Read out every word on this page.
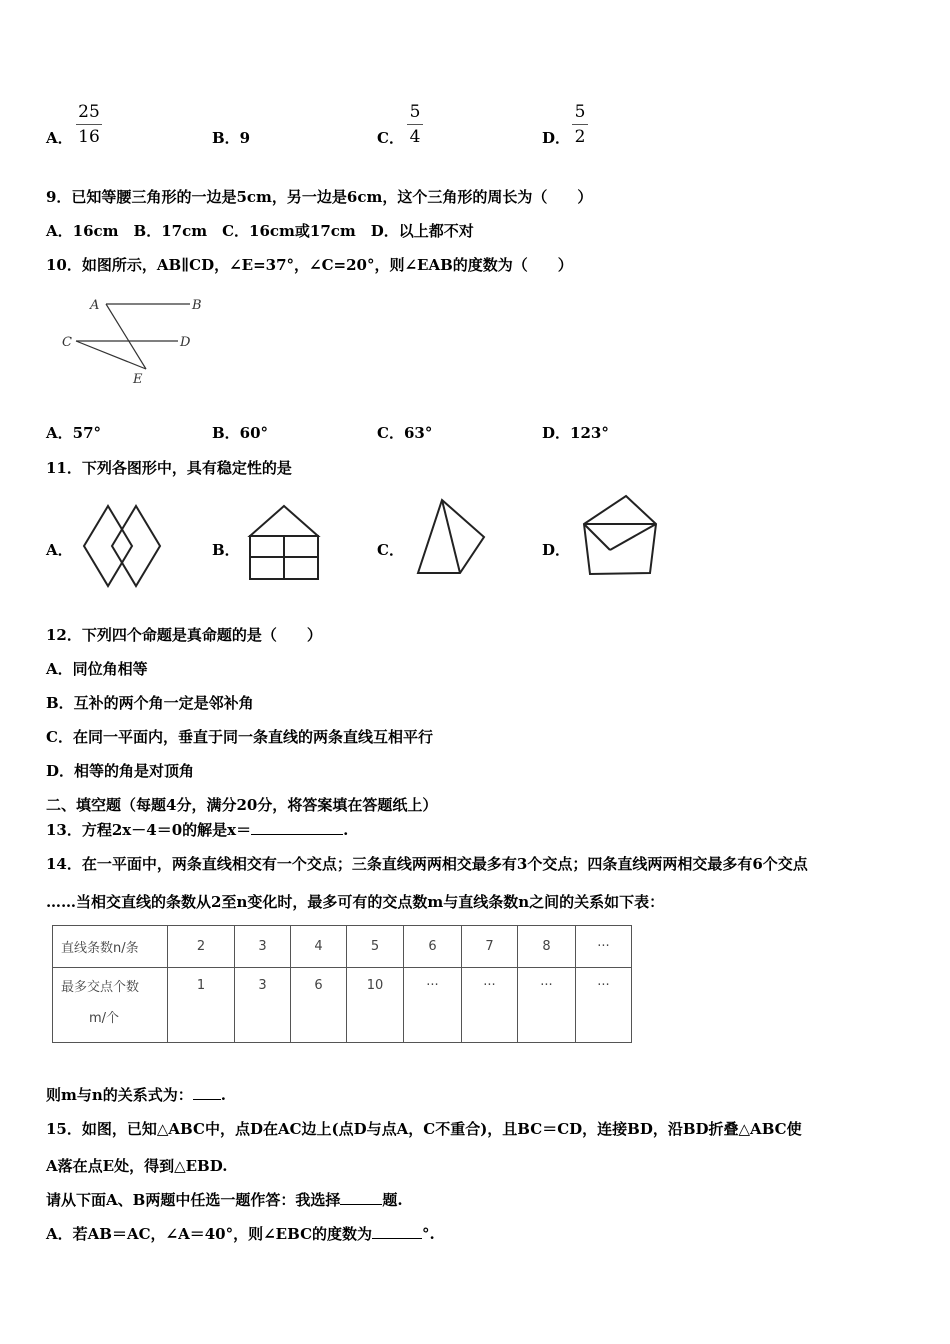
A．
25
16	B．9	C．
5
4	D．
5
2
9．已知等腰三角形的一边是5cm，另一边是6cm，这个三角形的周长为（　　）
A．16cm　B．17cm　C．16cm或17cm　D．以上都不对
10．如图所示，AB∥CD，∠E=37°，∠C=20°，则∠EAB的度数为（　　）
A	B
C	D
E
A．57°	B．60°	C．63°	D．123°
11．下列各图形中，具有稳定性的是
A．	B．	C．	D．
12．下列四个命题是真命题的是（　　）
A．同位角相等
B．互补的两个角一定是邻补角
C．在同一平面内，垂直于同一条直线的两条直线互相平行
D．相等的角是对顶角
二、填空题（每题4分，满分20分，将答案填在答题纸上）
13．方程2x－4＝0的解是x＝	.
14．在一平面中，两条直线相交有一个交点；三条直线两两相交最多有3个交点；四条直线两两相交最多有6个交点
……当相交直线的条数从2至n变化时，最多可有的交点数m与直线条数n之间的关系如下表：
直线条数n/条	2	3	4	5	6	7	8	···

最多交点个数
m/个	1	3	6	10	···	···	···	···
则m与n的关系式为： .
15．如图，已知△ABC中，点D在AC边上(点D与点A，C不重合)，且BC＝CD，连接BD，沿BD折叠△ABC使
A落在点E处，得到△EBD.
请从下面A、B两题中任选一题作答：我选择	题.
A．若AB＝AC，∠A＝40°，则∠EBC的度数为	°.
